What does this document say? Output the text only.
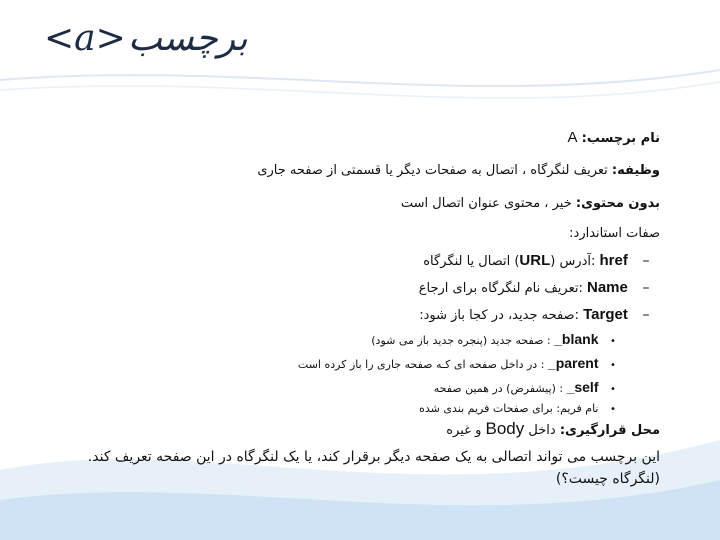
<a> برچسب
نام برچسب: A
وظیفه: تعریف لنگرگاه ، اتصال به صفحات دیگر یا قسمتی از صفحه جاری
بدون محتوی: خیر ، محتوی عنوان اتصال است
صفات استاندارد:
– href :آدرس (URL) اتصال یا لنگرگاه
– Name :تعریف نام لنگرگاه برای ارجاع
– Target :صفحه جدید، در کجا باز شود:
• _blank : صفحه جدید (پنجره جدید باز می شود)
• _parent : در داخل صفحه ای کـه صفحه جاری را باز کرده است
• _self : (پیشفرض) در همین صفحه
• نام فریم: برای صفحات فریم بندی شده
محل قرارگیری: داخل Body و غیره
این برچسب می تواند اتصالی به یک صفحه دیگر برقرار کند، یا یک لنگرگاه در این صفحه تعریف کند. (لنگرگاه چیست؟)
